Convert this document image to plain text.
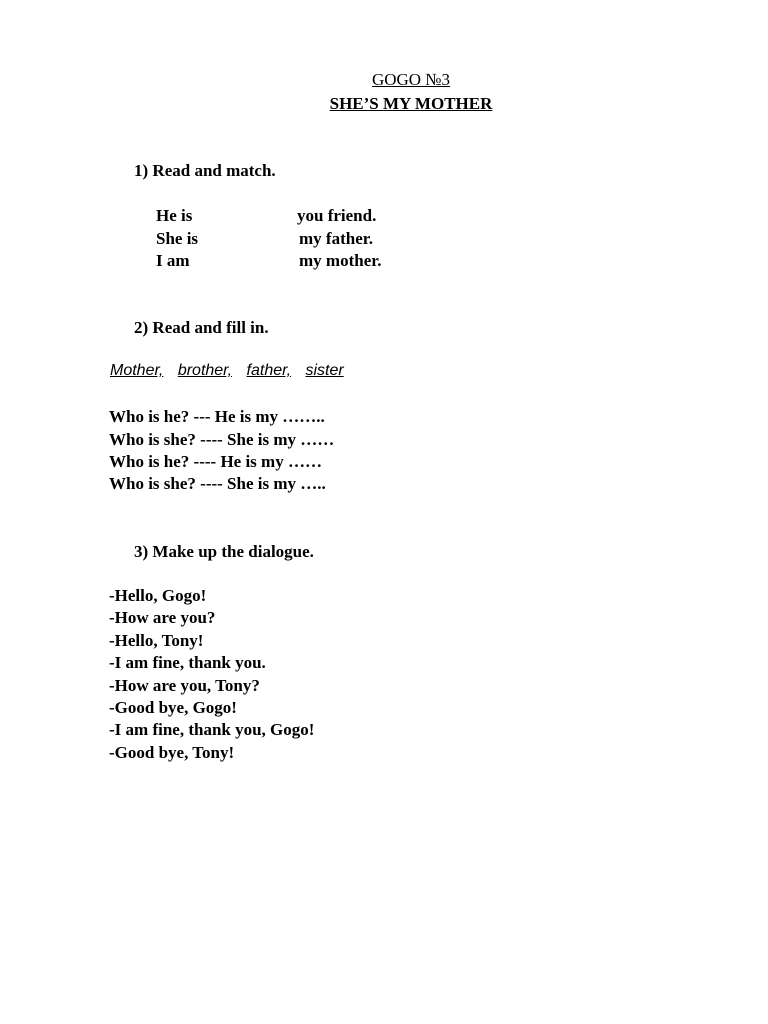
GOGO №3
SHE’S MY MOTHER
1) Read and match.
He is
She is
I am
you friend.
my father.
my mother.
2) Read and fill in.
Mother, brother, father, sister
Who is he? --- He is my ……..
Who is she? ---- She is my ……
Who is he? ---- He is my ……
Who is she? ---- She is my …..
3) Make up the dialogue.
-Hello, Gogo!
-How are you?
-Hello, Tony!
-I am fine, thank you.
-How are you, Tony?
-Good bye, Gogo!
-I am fine, thank you, Gogo!
-Good bye, Tony!
